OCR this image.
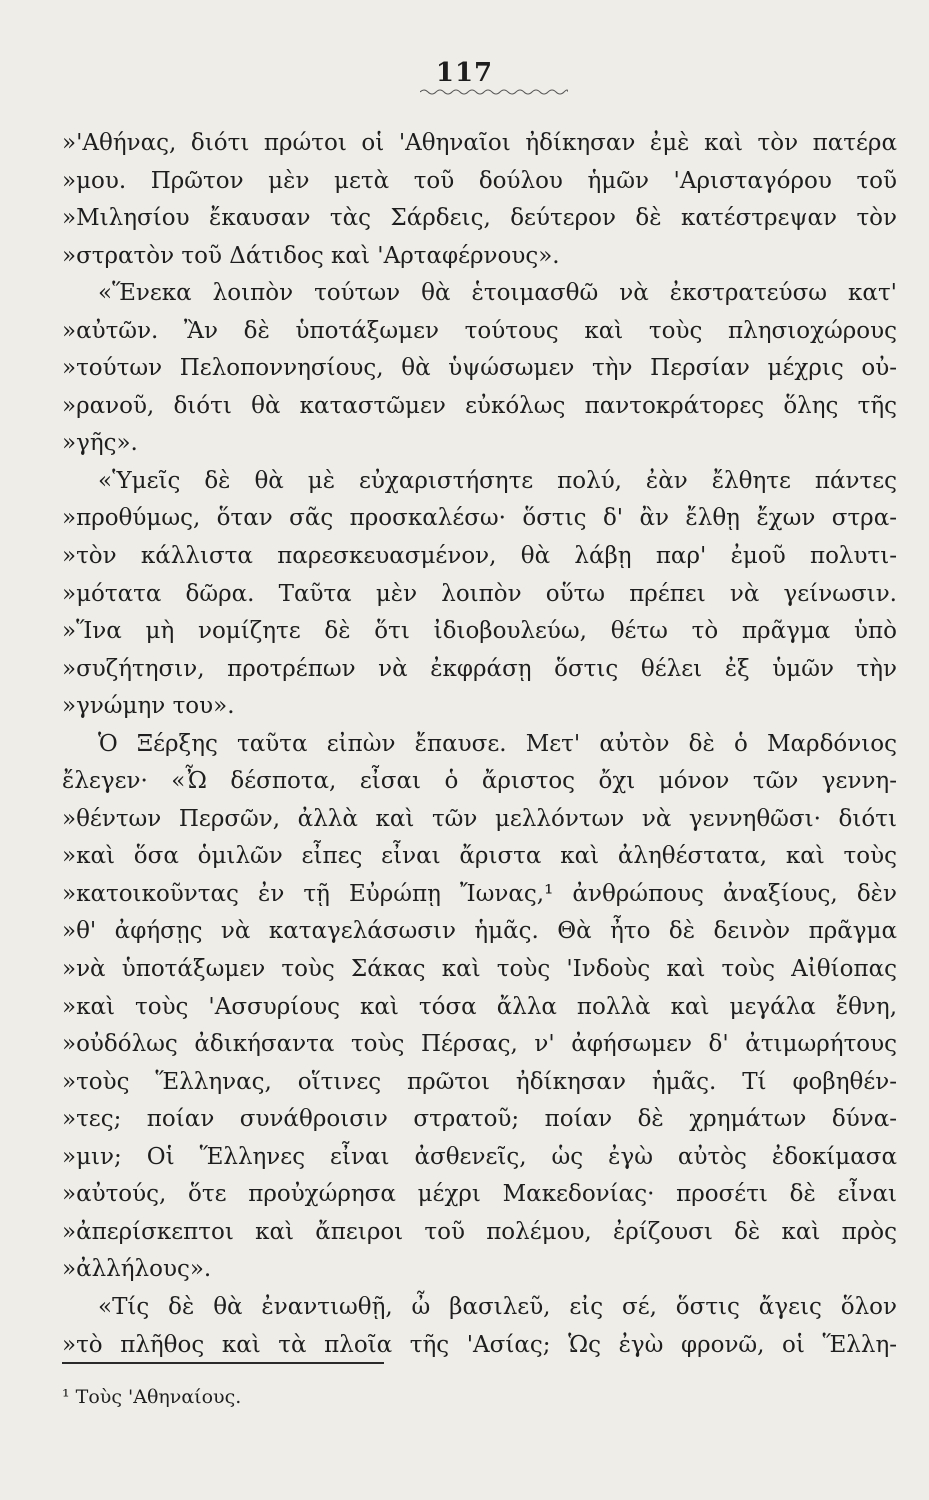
117
»'Αθήνας, διότι πρώτοι οἱ 'Αθηναῖοι ἠδίκησαν ἐμὲ καὶ τὸν πατέρα
»μου. Πρῶτον μὲν μετὰ τοῦ δούλου ἡμῶν 'Αρισταγόρου τοῦ
»Μιλησίου ἔκαυσαν τὰς Σάρδεις, δεύτερον δὲ κατέστρεψαν τὸν
»στρατὸν τοῦ Δάτιδος καὶ 'Αρταφέρνους».
«Ἕνεκα λοιπὸν τούτων θὰ ἑτοιμασθῶ νὰ ἐκστρατεύσω κατ'
»αὐτῶν. Ἂν δὲ ὑποτάξωμεν τούτους καὶ τοὺς πλησιοχώρους
»τούτων Πελοποννησίους, θὰ ὑψώσωμεν τὴν Περσίαν μέχρις οὐ-
»ρανοῦ, διότι θὰ καταστῶμεν εὐκόλως παντοκράτορες ὅλης τῆς
»γῆς».
«Ὑμεῖς δὲ θὰ μὲ εὐχαριστήσητε πολύ, ἐὰν ἔλθητε πάντες
»προθύμως, ὅταν σᾶς προσκαλέσω· ὅστις δ' ἂν ἔλθῃ ἔχων στρα-
»τὸν κάλλιστα παρεσκευασμένον, θὰ λάβῃ παρ' ἐμοῦ πολυτι-
»μότατα δῶρα. Ταῦτα μὲν λοιπὸν οὕτω πρέπει νὰ γείνωσιν.
»Ἵνα μὴ νομίζητε δὲ ὅτι ἰδιοβουλεύω, θέτω τὸ πρᾶγμα ὑπὸ
»συζήτησιν, προτρέπων νὰ ἐκφράσῃ ὅστις θέλει ἐξ ὑμῶν τὴν
»γνώμην του».
Ὁ Ξέρξης ταῦτα εἰπὼν ἔπαυσε. Μετ' αὐτὸν δὲ ὁ Μαρδόνιος
ἔλεγεν· «Ὦ δέσποτα, εἶσαι ὁ ἄριστος ὄχι μόνον τῶν γεννη-
»θέντων Περσῶν, ἀλλὰ καὶ τῶν μελλόντων νὰ γεννηθῶσι· διότι
»καὶ ὅσα ὁμιλῶν εἶπες εἶναι ἄριστα καὶ ἀληθέστατα, καὶ τοὺς
»κατοικοῦντας ἐν τῇ Εὐρώπῃ Ἴωνας,¹ ἀνθρώπους ἀναξίους, δὲν
»θ' ἀφήσῃς νὰ καταγελάσωσιν ἡμᾶς. Θὰ ἦτο δὲ δεινὸν πρᾶγμα
»νὰ ὑποτάξωμεν τοὺς Σάκας καὶ τοὺς 'Ινδοὺς καὶ τοὺς Αἰθίοπας
»καὶ τοὺς 'Ασσυρίους καὶ τόσα ἄλλα πολλὰ καὶ μεγάλα ἔθνη,
»οὐδόλως ἀδικήσαντα τοὺς Πέρσας, ν' ἀφήσωμεν δ' ἀτιμωρήτους
»τοὺς Ἕλληνας, οἵτινες πρῶτοι ἠδίκησαν ἡμᾶς. Τί φοβηθέν-
»τες; ποίαν συνάθροισιν στρατοῦ; ποίαν δὲ χρημάτων δύνα-
»μιν; Οἱ Ἕλληνες εἶναι ἀσθενεῖς, ὡς ἐγὼ αὐτὸς ἐδοκίμασα
»αὐτούς, ὅτε προὐχώρησα μέχρι Μακεδονίας· προσέτι δὲ εἶναι
»ἀπερίσκεπτοι καὶ ἄπειροι τοῦ πολέμου, ἐρίζουσι δὲ καὶ πρὸς
»ἀλλήλους».
«Τίς δὲ θὰ ἐναντιωθῇ, ὦ βασιλεῦ, εἰς σέ, ὅστις ἄγεις ὅλον
»τὸ πλῆθος καὶ τὰ πλοῖα τῆς 'Ασίας; Ὡς ἐγὼ φρονῶ, οἱ Ἕλλη-
¹ Τοὺς 'Αθηναίους.
